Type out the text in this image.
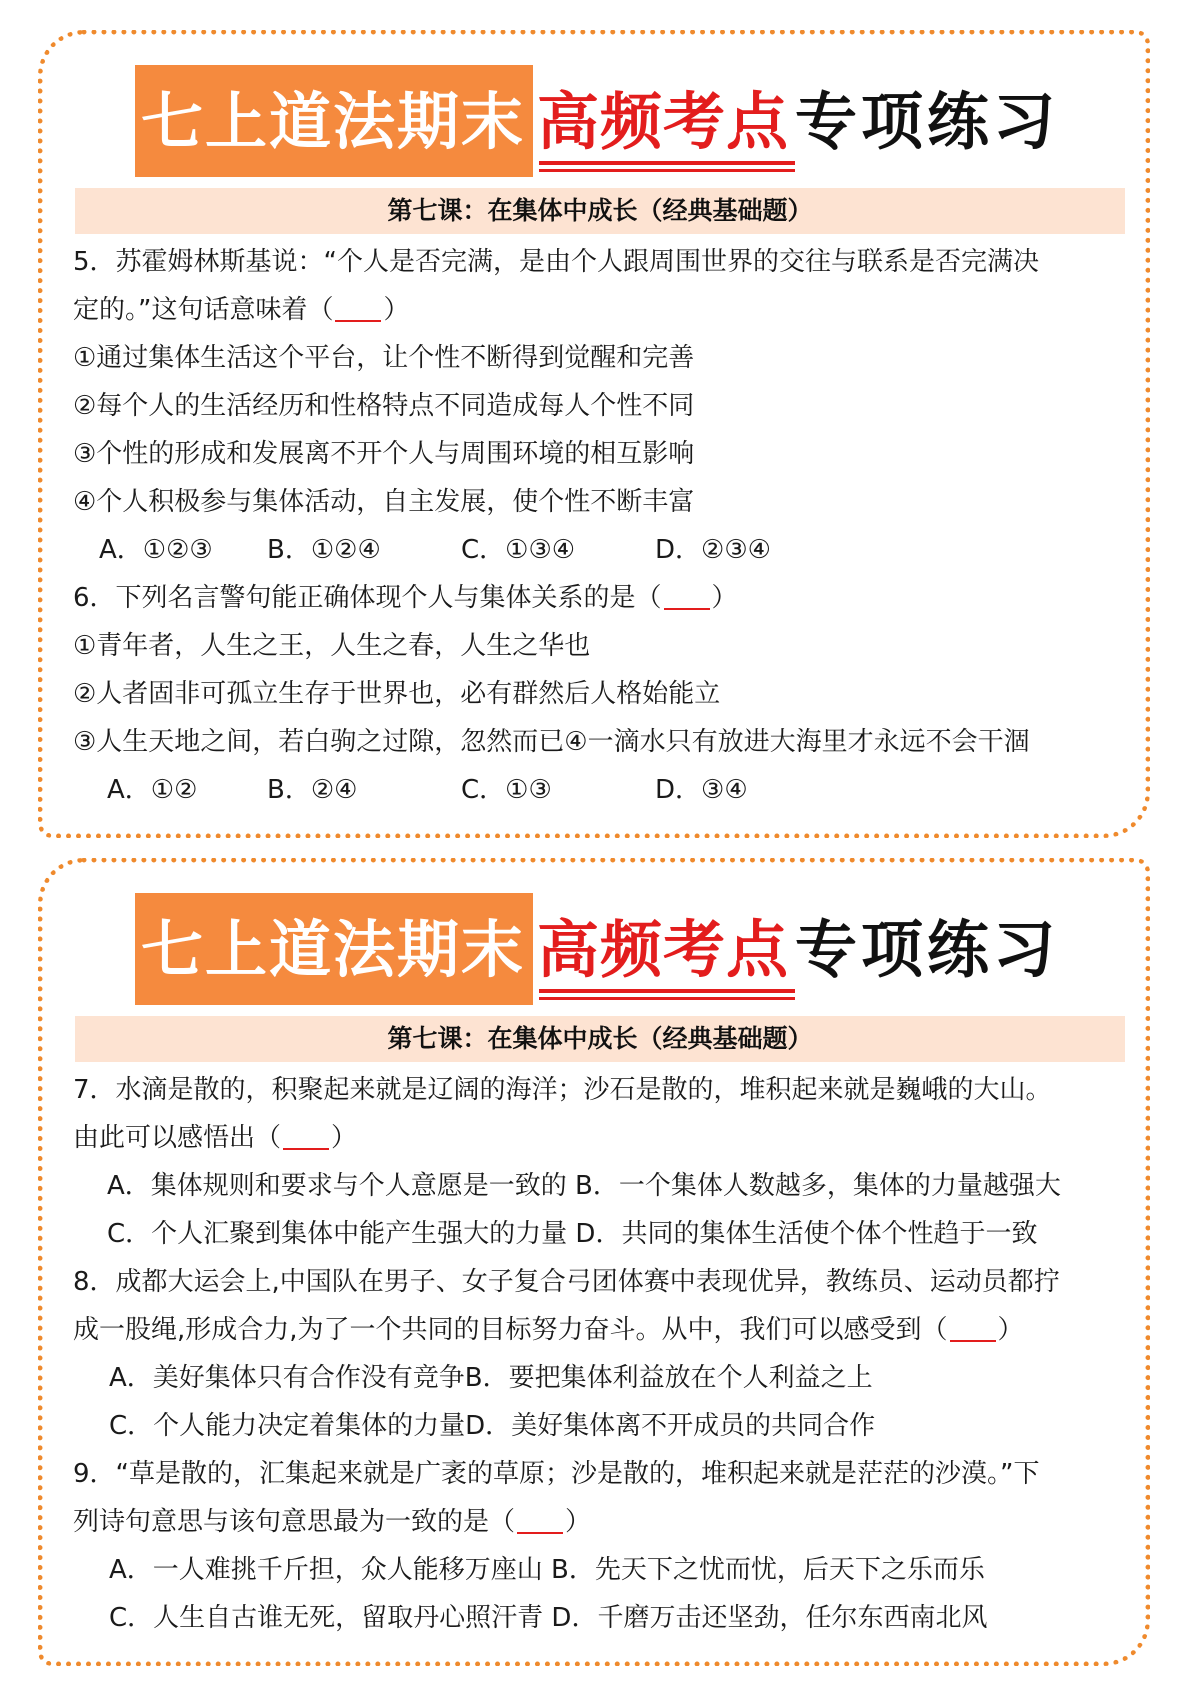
七上道法期末 高频考点 专项练习
第七课：在集体中成长（经典基础题）
5．苏霍姆林斯基说：“个人是否完满，是由个人跟周围世界的交往与联系是否完满决
定的。”这句话意味着（ ）
①通过集体生活这个平台，让个性不断得到觉醒和完善
②每个人的生活经历和性格特点不同造成每人个性不同
③个性的形成和发展离不开个人与周围环境的相互影响
④个人积极参与集体活动，自主发展，使个性不断丰富
A．①②③ B．①②④	C．①③④	D．②③④
6．下列名言警句能正确体现个人与集体关系的是（ ）
①青年者，人生之王，人生之春，人生之华也
②人者固非可孤立生存于世界也，必有群然后人格始能立
③人生天地之间，若白驹之过隙，忽然而已④一滴水只有放进大海里才永远不会干涸
A．①②	B．②④	C．①③	D．③④
七上道法期末 高频考点 专项练习
第七课：在集体中成长（经典基础题）
7．水滴是散的，积聚起来就是辽阔的海洋；沙石是散的，堆积起来就是巍峨的大山。
由此可以感悟出（ ）
A．集体规则和要求与个人意愿是一致的 B．一个集体人数越多，集体的力量越强大
C．个人汇聚到集体中能产生强大的力量 D．共同的集体生活使个体个性趋于一致
8．成都大运会上,中国队在男子、女子复合弓团体赛中表现优异，教练员、运动员都拧
成一股绳,形成合力,为了一个共同的目标努力奋斗。从中，我们可以感受到（ ）
A．美好集体只有合作没有竞争B．要把集体利益放在个人利益之上
C．个人能力决定着集体的力量D．美好集体离不开成员的共同合作
9．“草是散的，汇集起来就是广袤的草原；沙是散的，堆积起来就是茫茫的沙漠。”下
列诗句意思与该句意思最为一致的是（ ）
A．一人难挑千斤担，众人能移万座山 B．先天下之忧而忧，后天下之乐而乐
C．人生自古谁无死，留取丹心照汗青 D．千磨万击还坚劲，任尔东西南北风
